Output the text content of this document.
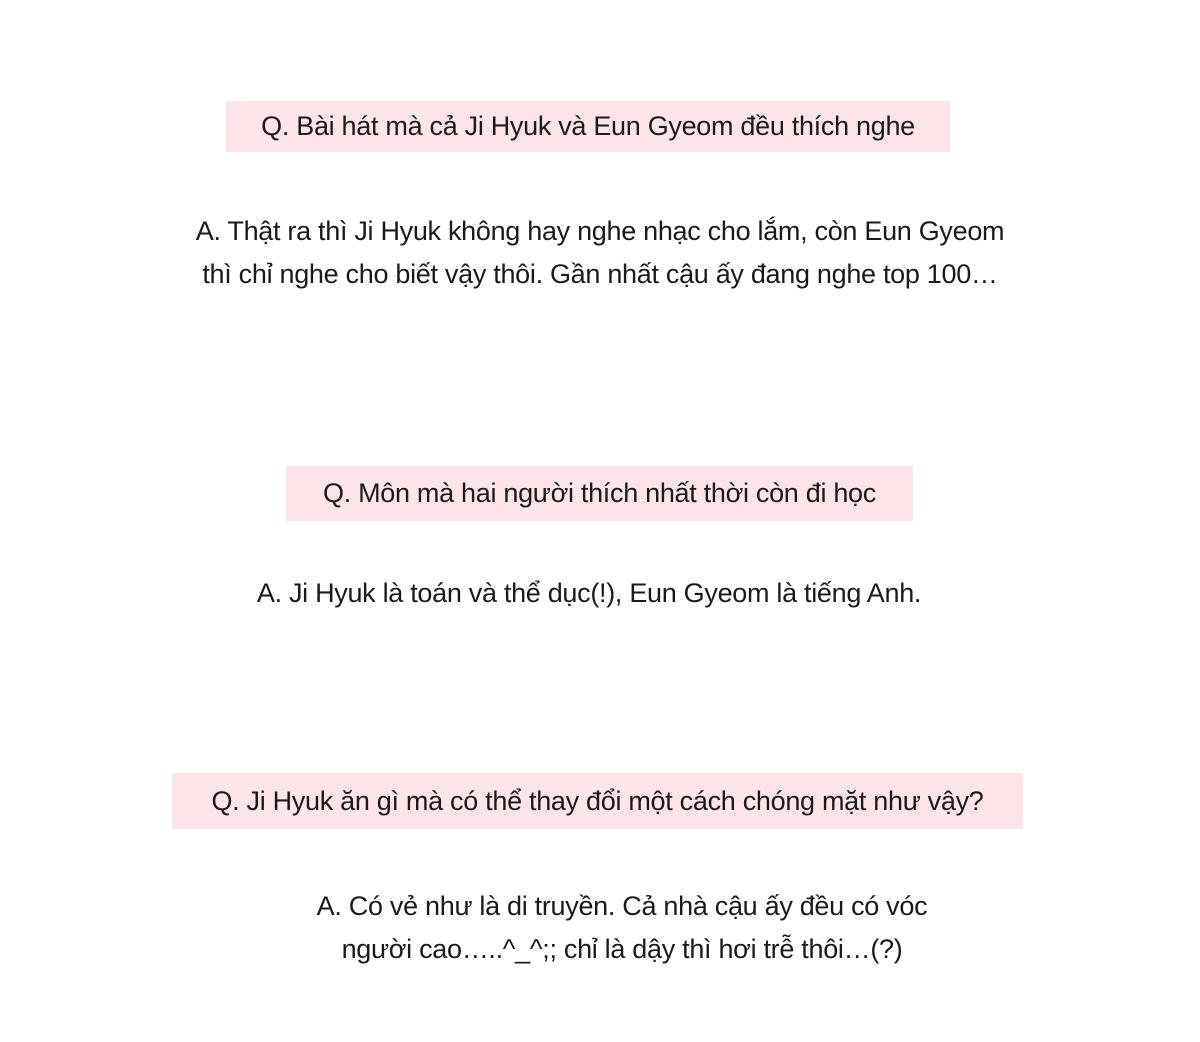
Q. Bài hát mà cả Ji Hyuk và Eun Gyeom đều thích nghe
A. Thật ra thì Ji Hyuk không hay nghe nhạc cho lắm, còn Eun Gyeom
thì chỉ nghe cho biết vậy thôi. Gần nhất cậu ấy đang nghe top 100…
Q. Môn mà hai người thích nhất thời còn đi học
A. Ji Hyuk là toán và thể dục(!), Eun Gyeom là tiếng Anh.
Q. Ji Hyuk ăn gì mà có thể thay đổi một cách chóng mặt như vậy?
A. Có vẻ như là di truyền. Cả nhà cậu ấy đều có vóc
người cao…..^_^;; chỉ là dậy thì hơi trễ thôi…(?)
